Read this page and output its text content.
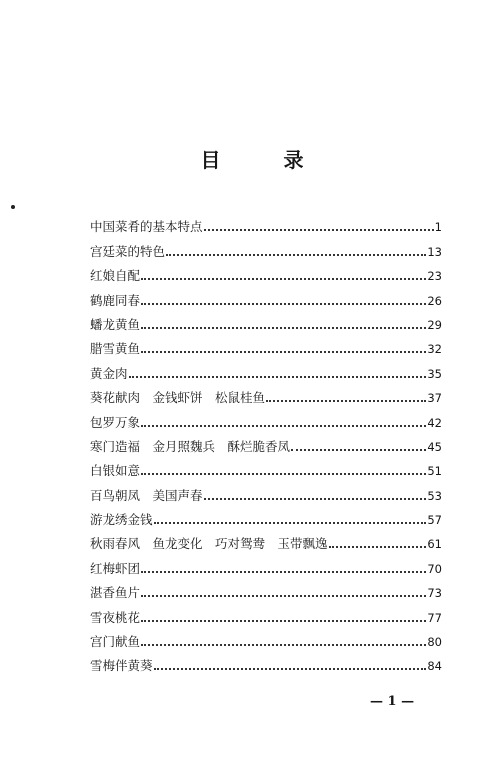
目 录
中国菜肴的基本特点	1
宫廷菜的特色	13
红娘自配	23
鹤鹿同春	26
蟠龙黄鱼	29
腊雪黄鱼	32
黄金肉	35
葵花献肉　金钱虾饼　松鼠桂鱼	37
包罗万象	42
寒门造福　金月照魏兵　酥烂脆香凤	45
白银如意	51
百鸟朝凤　美国声春	53
游龙绣金钱	57
秋雨春风　鱼龙变化　巧对鸳鸯　玉带飘逸	61
红梅虾团	70
湛香鱼片	73
雪夜桃花	77
宫门献鱼	80
雪梅伴黄葵	84
— 1 —
